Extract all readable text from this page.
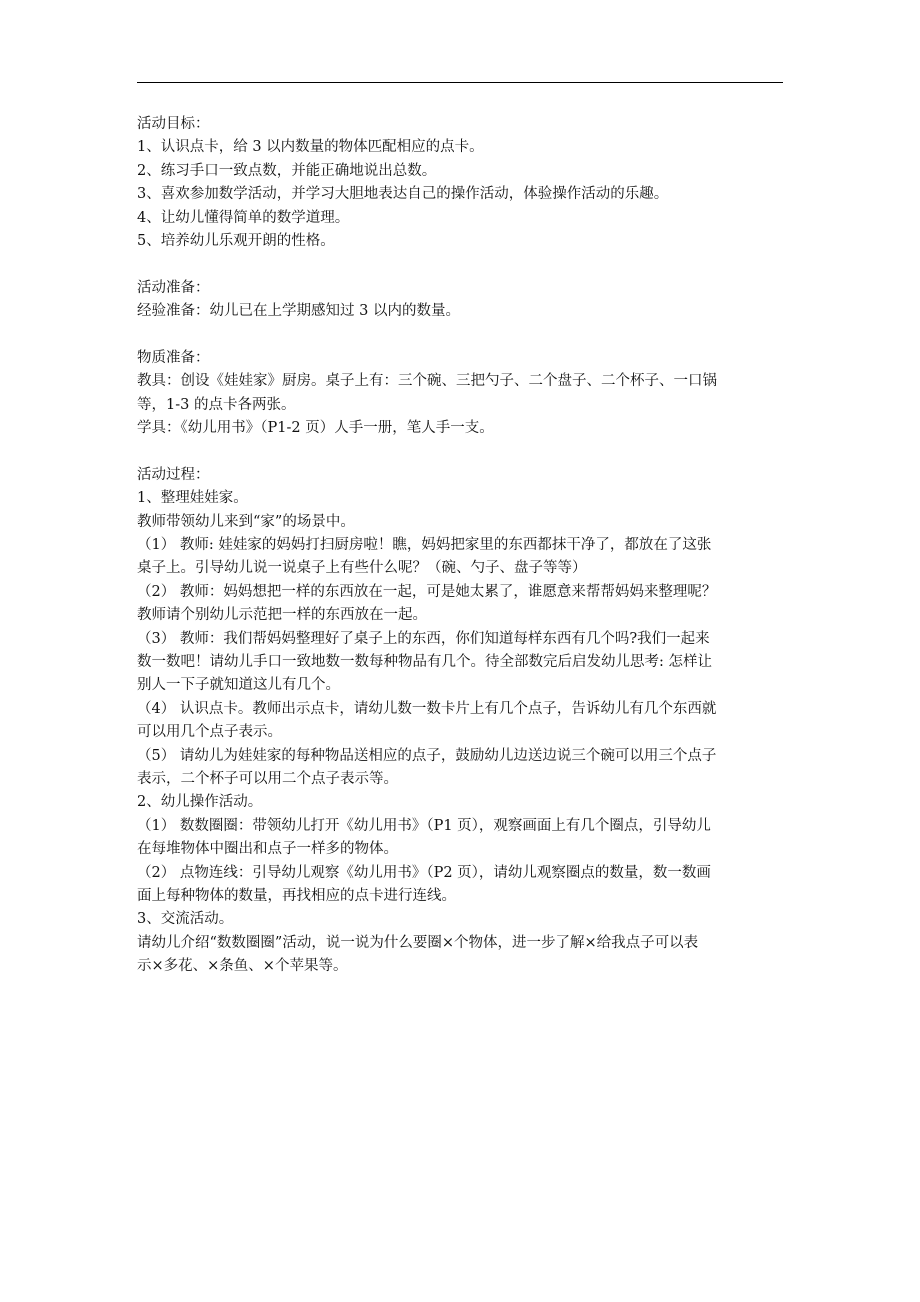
活动目标：
1、认识点卡，给 3 以内数量的物体匹配相应的点卡。
2、练习手口一致点数，并能正确地说出总数。
3、喜欢参加数学活动，并学习大胆地表达自己的操作活动，体验操作活动的乐趣。
4、让幼儿懂得简单的数学道理。
5、培养幼儿乐观开朗的性格。
活动准备：
经验准备：幼儿已在上学期感知过 3 以内的数量。
物质准备：
教具：创设《娃娃家》厨房。桌子上有：三个碗、三把勺子、二个盘子、二个杯子、一口锅
等，1-3 的点卡各两张。
学具：《幼儿用书》（P1-2 页）人手一册，笔人手一支。
活动过程：
1、整理娃娃家。
教师带领幼儿来到“家”的场景中。
（1） 教师: 娃娃家的妈妈打扫厨房啦！瞧，妈妈把家里的东西都抹干净了，都放在了这张
桌子上。引导幼儿说一说桌子上有些什么呢？（碗、勺子、盘子等等）
（2） 教师：妈妈想把一样的东西放在一起，可是她太累了，谁愿意来帮帮妈妈来整理呢？
教师请个别幼儿示范把一样的东西放在一起。
（3） 教师：我们帮妈妈整理好了桌子上的东西，你们知道每样东西有几个吗?我们一起来
数一数吧！请幼儿手口一致地数一数每种物品有几个。待全部数完后启发幼儿思考: 怎样让
别人一下子就知道这儿有几个。
（4） 认识点卡。教师出示点卡，请幼儿数一数卡片上有几个点子，告诉幼儿有几个东西就
可以用几个点子表示。
（5） 请幼儿为娃娃家的每种物品送相应的点子，鼓励幼儿边送边说三个碗可以用三个点子
表示，二个杯子可以用二个点子表示等。
2、幼儿操作活动。
（1） 数数圈圈：带领幼儿打开《幼儿用书》（P1 页），观察画面上有几个圈点，引导幼儿
在每堆物体中圈出和点子一样多的物体。
（2） 点物连线：引导幼儿观察《幼儿用书》（P2 页），请幼儿观察圈点的数量，数一数画
面上每种物体的数量，再找相应的点卡进行连线。
3、交流活动。
请幼儿介绍“数数圈圈”活动，说一说为什么要圈×个物体，进一步了解×给我点子可以表
示×多花、×条鱼、×个苹果等。
